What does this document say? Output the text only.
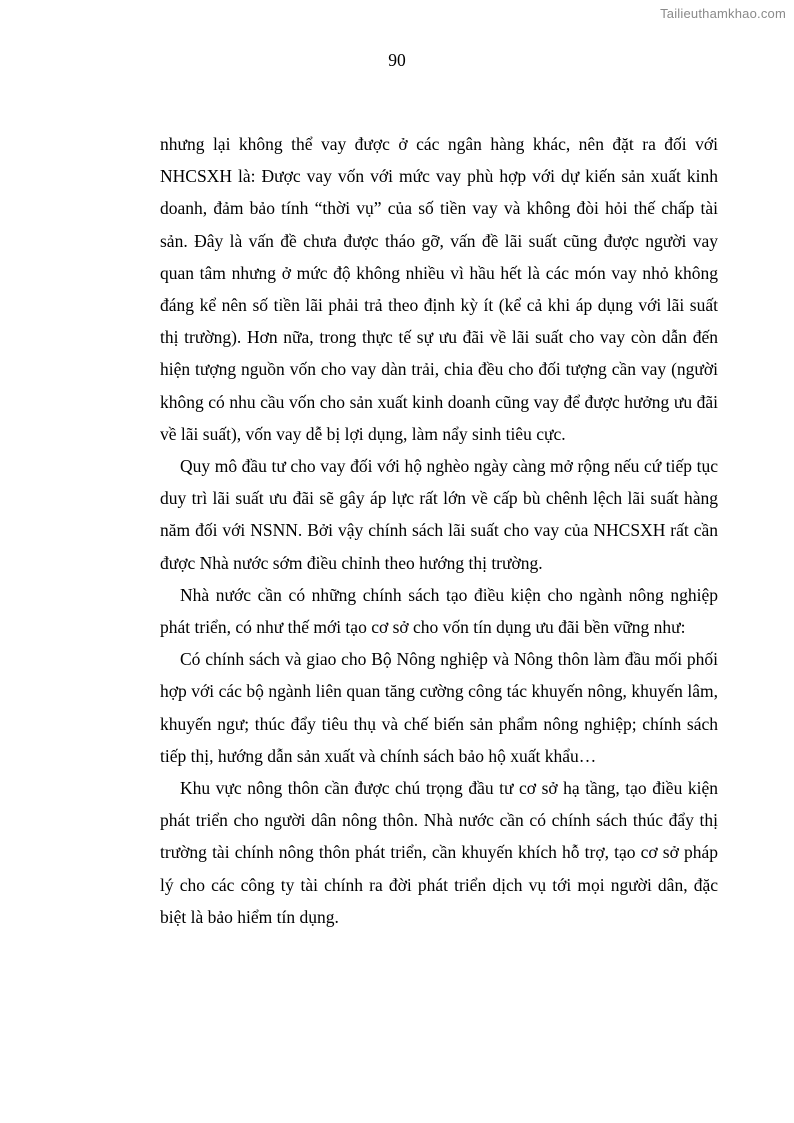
Tailieuthamkhao.com
90

nhưng lại không thể vay được ở các ngân hàng khác, nên đặt ra đối với NHCSXH là: Được vay vốn với mức vay phù hợp với dự kiến sản xuất kinh doanh, đảm bảo tính “thời vụ” của số tiền vay và không đòi hỏi thế chấp tài sản. Đây là vấn đề chưa được tháo gỡ, vấn đề lãi suất cũng được người vay quan tâm nhưng ở mức độ không nhiều vì hầu hết là các món vay nhỏ không đáng kể nên số tiền lãi phải trả theo định kỳ ít (kể cả khi áp dụng với lãi suất thị trường). Hơn nữa, trong thực tế sự ưu đãi về lãi suất cho vay còn dẫn đến hiện tượng nguồn vốn cho vay dàn trải, chia đều cho đối tượng cần vay (người không có nhu cầu vốn cho sản xuất kinh doanh cũng vay để được hưởng ưu đãi về lãi suất), vốn vay dễ bị lợi dụng, làm nẩy sinh tiêu cực.

Quy mô đầu tư cho vay đối với hộ nghèo ngày càng mở rộng nếu cứ tiếp tục duy trì lãi suất ưu đãi sẽ gây áp lực rất lớn về cấp bù chênh lệch lãi suất hàng năm đối với NSNN. Bởi vậy chính sách lãi suất cho vay của NHCSXH rất cần được Nhà nước sớm điều chỉnh theo hướng thị trường.

Nhà nước cần có những chính sách tạo điều kiện cho ngành nông nghiệp phát triển, có như thế mới tạo cơ sở cho vốn tín dụng ưu đãi bền vững như:

Có chính sách và giao cho Bộ Nông nghiệp và Nông thôn làm đầu mối phối hợp với các bộ ngành liên quan tăng cường công tác khuyến nông, khuyến lâm, khuyến ngư; thúc đẩy tiêu thụ và chế biến sản phẩm nông nghiệp; chính sách tiếp thị, hướng dẫn sản xuất và chính sách bảo hộ xuất khẩu…

Khu vực nông thôn cần được chú trọng đầu tư cơ sở hạ tầng, tạo điều kiện phát triển cho người dân nông thôn. Nhà nước cần có chính sách thúc đẩy thị trường tài chính nông thôn phát triển, cần khuyến khích hỗ trợ, tạo cơ sở pháp lý cho các công ty tài chính ra đời phát triển dịch vụ tới mọi người dân, đặc biệt là bảo hiểm tín dụng.
